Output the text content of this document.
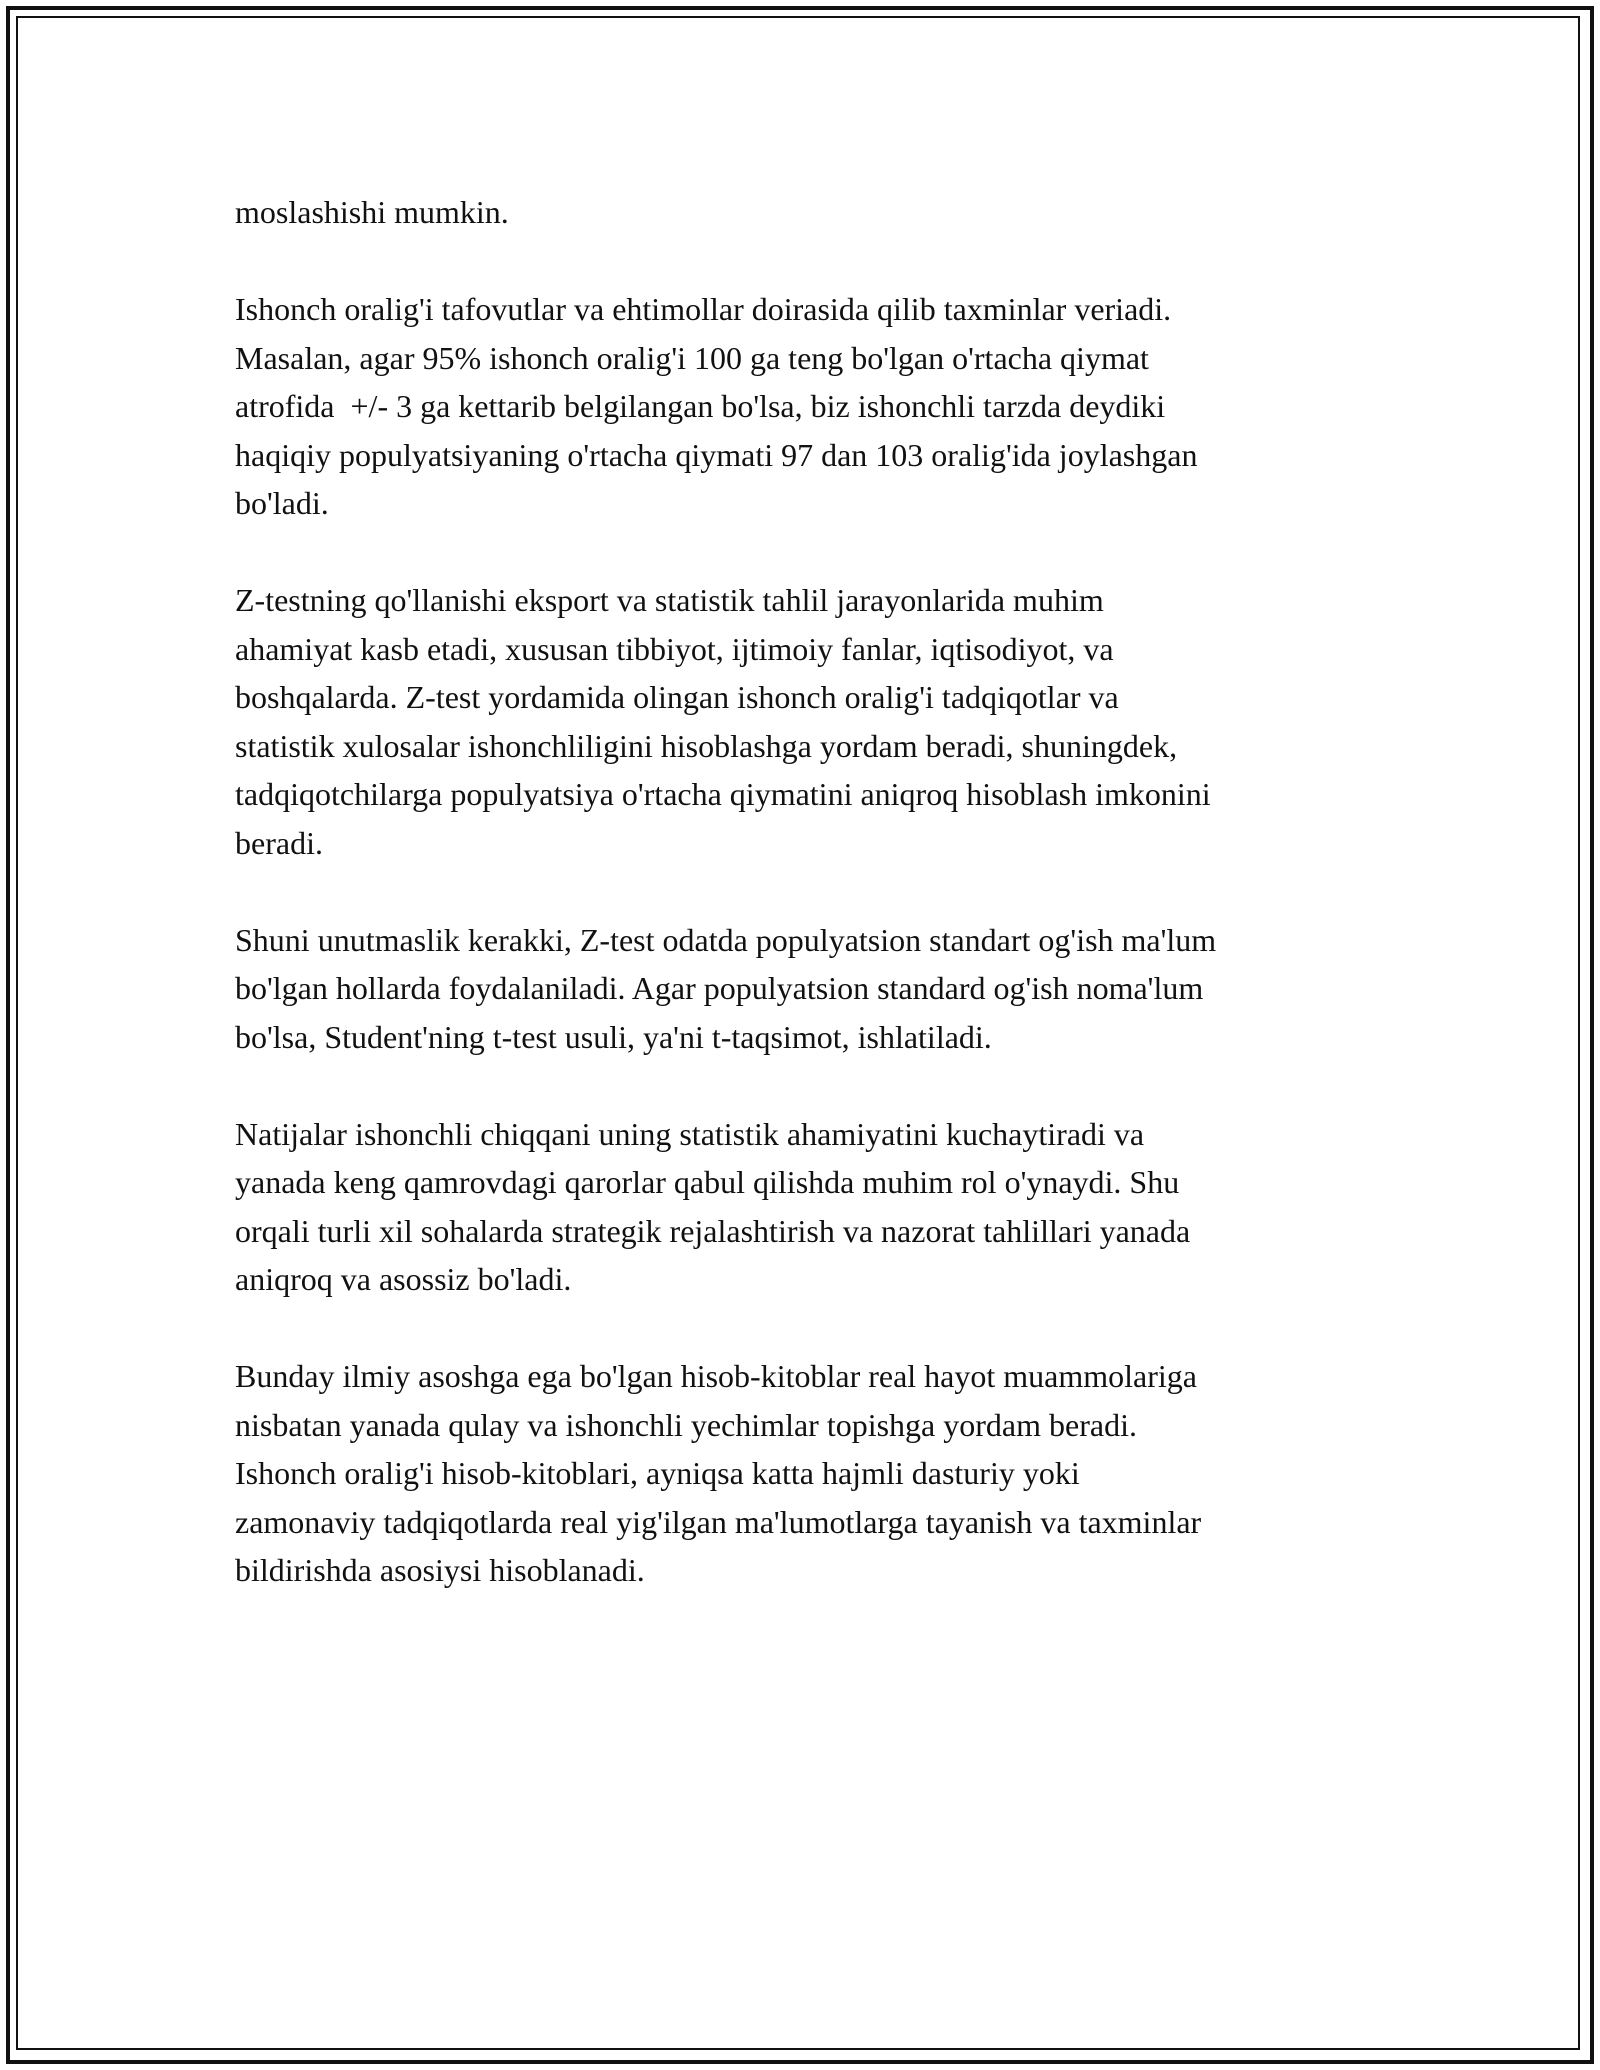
moslashishi mumkin.

Ishonch oralig'i tafovutlar va ehtimollar doirasida qilib taxminlar veriadi.
Masalan, agar 95% ishonch oralig'i 100 ga teng bo'lgan o'rtacha qiymat
atrofida  +/- 3 ga kettarib belgilangan bo'lsa, biz ishonchli tarzda deydiki
haqiqiy populyatsiyaning o'rtacha qiymati 97 dan 103 oralig'ida joylashgan
bo'ladi.

Z-testning qo'llanishi eksport va statistik tahlil jarayonlarida muhim
ahamiyat kasb etadi, xususan tibbiyot, ijtimoiy fanlar, iqtisodiyot, va
boshqalarda. Z-test yordamida olingan ishonch oralig'i tadqiqotlar va
statistik xulosalar ishonchliligini hisoblashga yordam beradi, shuningdek,
tadqiqotchilarga populyatsiya o'rtacha qiymatini aniqroq hisoblash imkonini
beradi.

Shuni unutmaslik kerakki, Z-test odatda populyatsion standart og'ish ma'lum
bo'lgan hollarda foydalaniladi. Agar populyatsion standard og'ish noma'lum
bo'lsa, Student'ning t-test usuli, ya'ni t-taqsimot, ishlatiladi.

Natijalar ishonchli chiqqani uning statistik ahamiyatini kuchaytiradi va
yanada keng qamrovdagi qarorlar qabul qilishda muhim rol o'ynaydi. Shu
orqali turli xil sohalarda strategik rejalashtirish va nazorat tahlillari yanada
aniqroq va asossiz bo'ladi.

Bunday ilmiy asoshga ega bo'lgan hisob-kitoblar real hayot muammolariga
nisbatan yanada qulay va ishonchli yechimlar topishga yordam beradi.
Ishonch oralig'i hisob-kitoblari, ayniqsa katta hajmli dasturiy yoki
zamonaviy tadqiqotlarda real yig'ilgan ma'lumotlarga tayanish va taxminlar
bildirishda asosiysi hisoblanadi.
